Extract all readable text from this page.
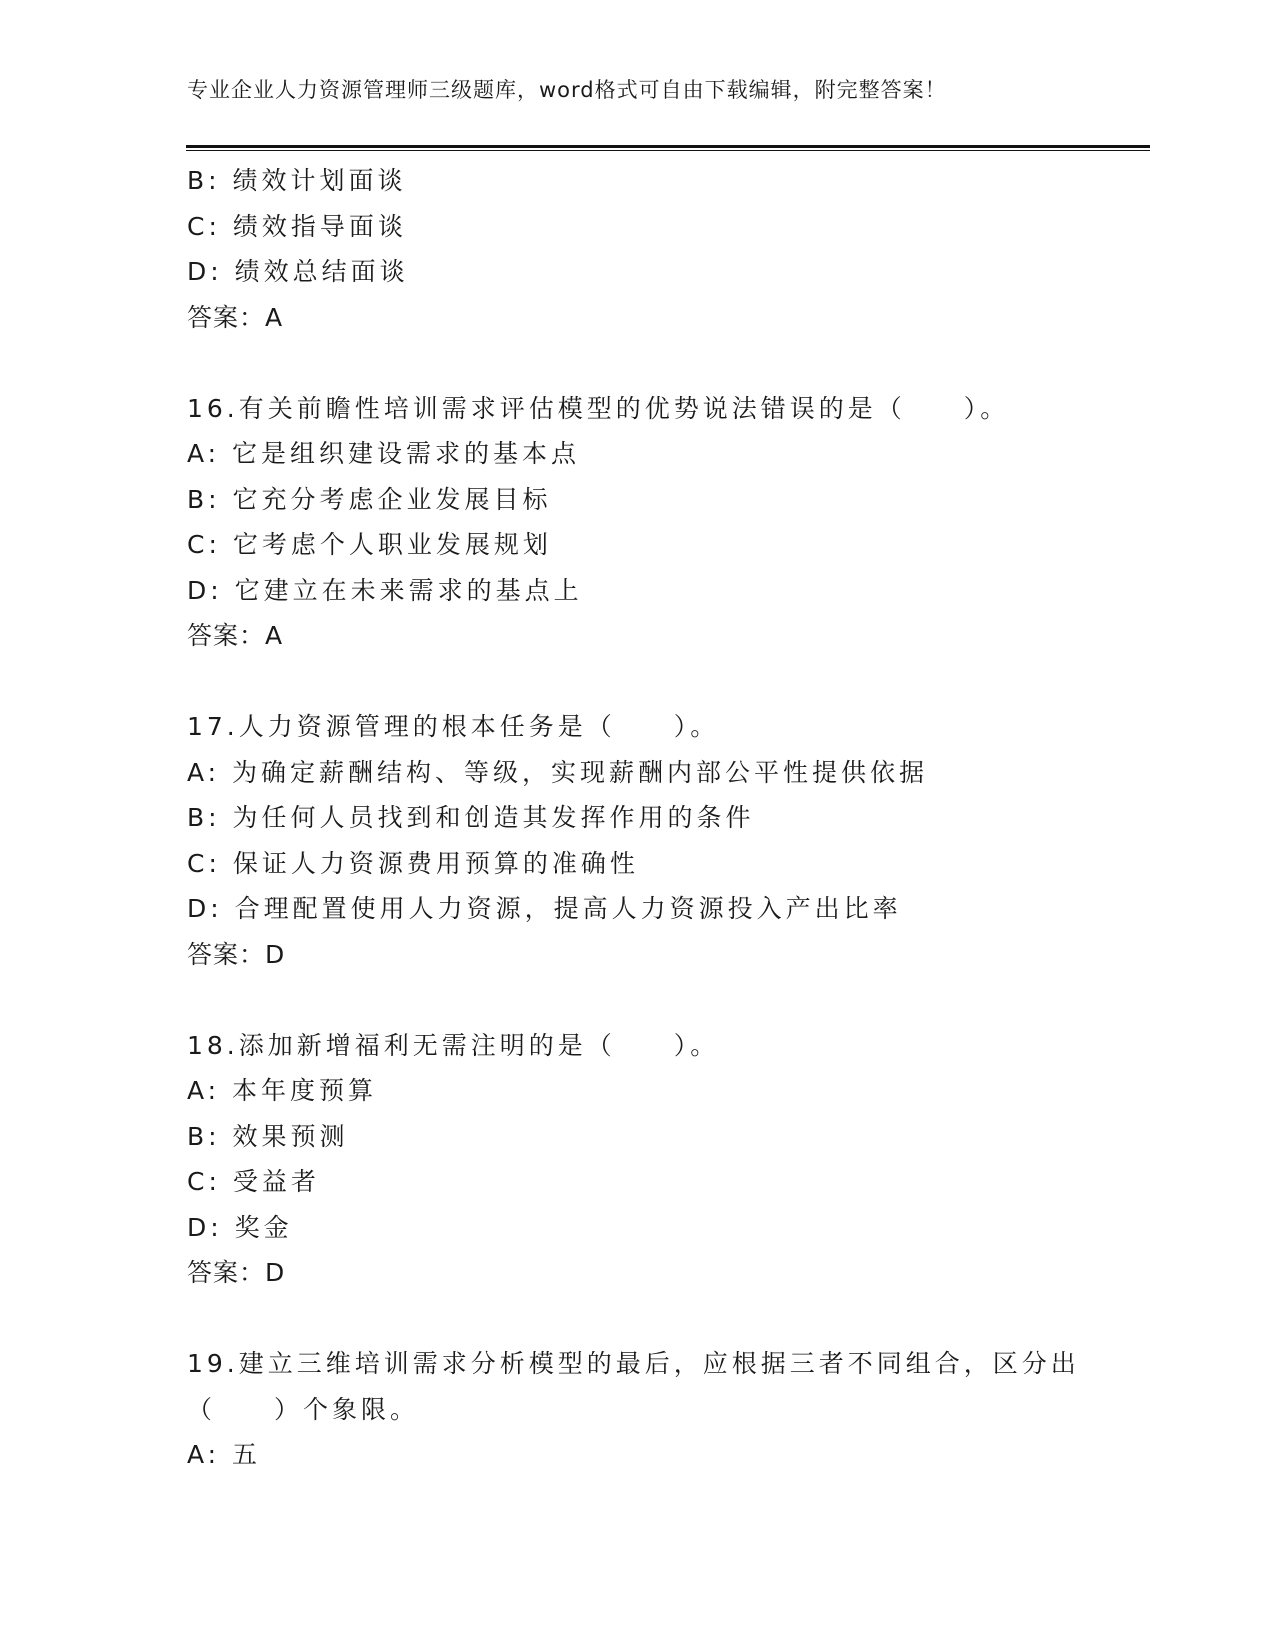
专业企业人力资源管理师三级题库，word格式可自由下载编辑，附完整答案！
B: 绩效计划面谈
C: 绩效指导面谈
D: 绩效总结面谈
答案：A
16.有关前瞻性培训需求评估模型的优势说法错误的是（　　）。
A: 它是组织建设需求的基本点
B: 它充分考虑企业发展目标
C: 它考虑个人职业发展规划
D: 它建立在未来需求的基点上
答案：A
17.人力资源管理的根本任务是（　　）。
A: 为确定薪酬结构、等级，实现薪酬内部公平性提供依据
B: 为任何人员找到和创造其发挥作用的条件
C: 保证人力资源费用预算的准确性
D: 合理配置使用人力资源，提高人力资源投入产出比率
答案：D
18.添加新增福利无需注明的是（　　）。
A: 本年度预算
B: 效果预测
C: 受益者
D: 奖金
答案：D
19.建立三维培训需求分析模型的最后，应根据三者不同组合，区分出
（　　）个象限。
A: 五
